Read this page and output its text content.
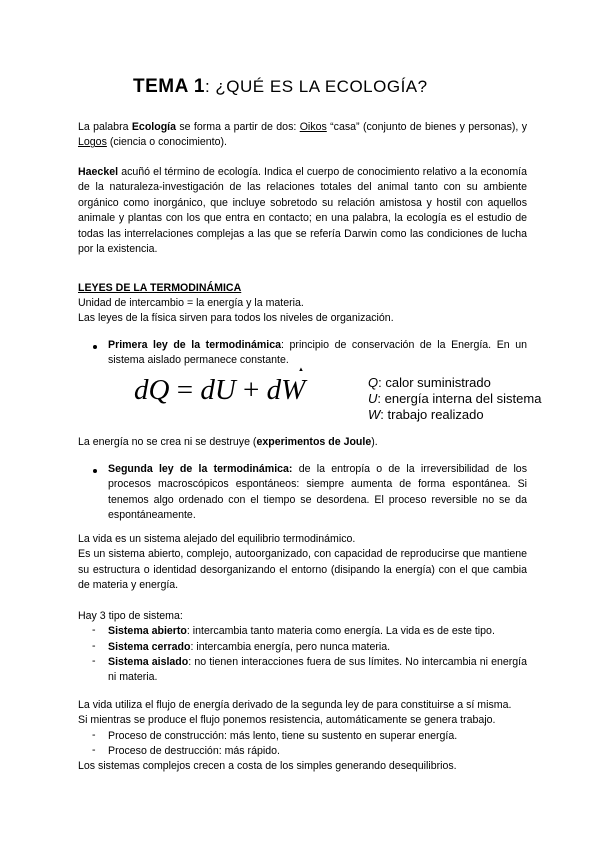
TEMA 1: ¿QUÉ ES LA ECOLOGÍA?
La palabra Ecología se forma a partir de dos: Oikos “casa” (conjunto de bienes y personas), y Logos (ciencia o conocimiento).
Haeckel acuñó el término de ecología. Indica el cuerpo de conocimiento relativo a la economía de la naturaleza-investigación de las relaciones totales del animal tanto con su ambiente orgánico como inorgánico, que incluye sobretodo su relación amistosa y hostil con aquellos animale y plantas con los que entra en contacto; en una palabra, la ecología es el estudio de todas las interrelaciones complejas a las que se refería Darwin como las condiciones de lucha por la existencia.
LEYES DE LA TERMODINÁMICA
Unidad de intercambio = la energía y la materia.
Las leyes de la física sirven para todos los niveles de organización.
Primera ley de la termodinámica: principio de conservación de la Energía. En un sistema aislado permanece constante.
▲
dQ = dU + dW	Q: calor suministrado
U: energía interna del sistema
W: trabajo realizado
La energía no se crea ni se destruye (experimentos de Joule).
Segunda ley de la termodinámica: de la entropía o de la irreversibilidad de los procesos macroscópicos espontáneos: siempre aumenta de forma espontánea. Si tenemos algo ordenado con el tiempo se desordena. El proceso reversible no se da espontáneamente.
La vida es un sistema alejado del equilibrio termodinámico.
Es un sistema abierto, complejo, autoorganizado, con capacidad de reproducirse que mantiene su estructura o identidad desorganizando el entorno (disipando la energía) con el que cambia de materia y energía.
Hay 3 tipo de sistema:
- Sistema abierto: intercambia tanto materia como energía. La vida es de este tipo.
- Sistema cerrado: intercambia energía, pero nunca materia.
- Sistema aislado: no tienen interacciones fuera de sus límites. No intercambia ni energía ni materia.
La vida utiliza el flujo de energía derivado de la segunda ley de para constituirse a sí misma.
Si mientras se produce el flujo ponemos resistencia, automáticamente se genera trabajo.
- Proceso de construcción: más lento, tiene su sustento en superar energía.
- Proceso de destrucción: más rápido.
Los sistemas complejos crecen a costa de los simples generando desequilibrios.
